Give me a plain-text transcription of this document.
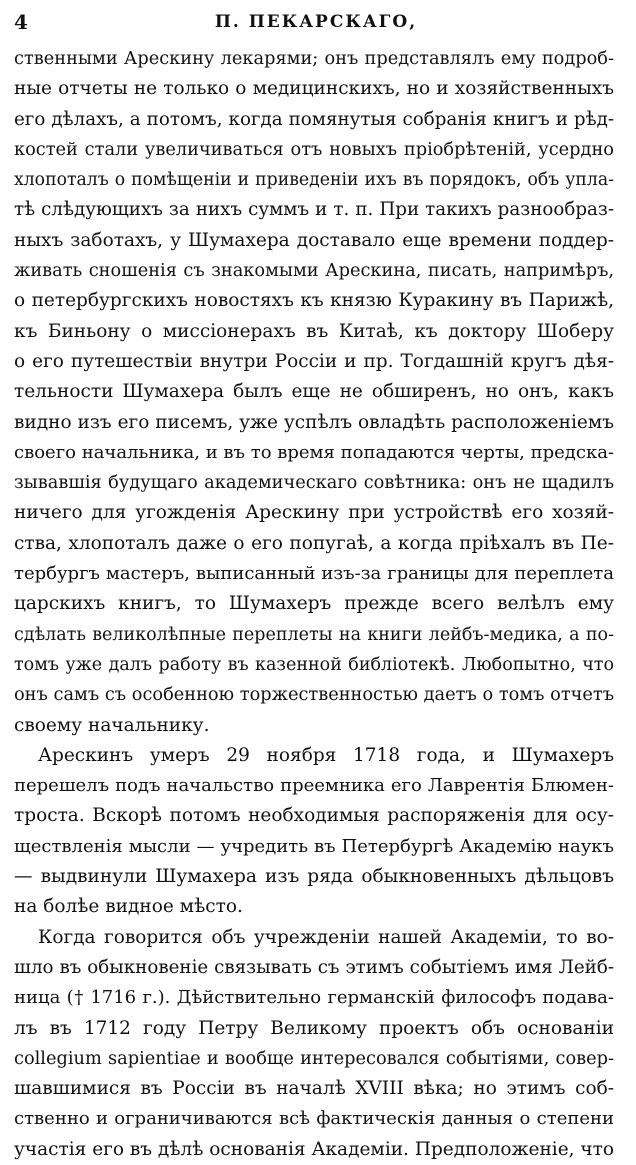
4	П. ПЕКАРСКАГО,
ственными Арескину лекарями; онъ представлялъ ему подроб-
ные отчеты не только о медицинскихъ, но и хозяйственныхъ
его дѣлахъ, а потомъ, когда помянутыя собранія книгъ и рѣд-
костей стали увеличиваться отъ новыхъ пріобрѣтеній, усердно
хлопоталъ о помѣщеніи и приведеніи ихъ въ порядокъ, объ упла-
тѣ слѣдующихъ за нихъ суммъ и т. п. При такихъ разнообраз-
ныхъ заботахъ, у Шумахера доставало еще времени поддер-
живать сношенія съ знакомыми Арескина, писать, напримѣръ,
о петербургскихъ новостяхъ къ князю Куракину въ Парижѣ,
къ Биньону о миссіонерахъ въ Китаѣ, къ доктору Шоберу
о его путешествіи внутри Россіи и пр. Тогдашній кругъ дѣя-
тельности Шумахера былъ еще не обширенъ, но онъ, какъ
видно изъ его писемъ, уже успѣлъ овладѣть расположеніемъ
своего начальника, и въ то время попадаются черты, предска-
зывавшія будущаго академическаго совѣтника: онъ не щадилъ
ничего для угожденія Арескину при устройствѣ его хозяй-
ства, хлопоталъ даже о его попугаѣ, а когда пріѣхалъ въ Пе-
тербургъ мастеръ, выписанный изъ-за границы для переплета
царскихъ книгъ, то Шумахеръ прежде всего велѣлъ ему
сдѣлать великолѣпные переплеты на книги лейбъ-медика, а по-
томъ уже далъ работу въ казенной библіотекѣ. Любопытно, что
онъ самъ съ особенною торжественностью даетъ о томъ отчетъ
своему начальнику.
Арескинъ умеръ 29 ноября 1718 года, и Шумахеръ
перешелъ подъ начальство преемника его Лаврентія Блюмен-
троста. Вскорѣ потомъ необходимыя распоряженія для осу-
ществленія мысли — учредить въ Петербургѣ Академію наукъ
— выдвинули Шумахера изъ ряда обыкновенныхъ дѣльцовъ
на болѣе видное мѣсто.
Когда говорится объ учрежденіи нашей Академіи, то во-
шло въ обыкновеніе связывать съ этимъ событіемъ имя Лейб-
ница († 1716 г.). Дѣйствительно германскій философъ подава-
лъ въ 1712 году Петру Великому проектъ объ основаніи
collegium sapientiae и вообще интересовался событіями, совер-
шавшимися въ Россіи въ началѣ XVIII вѣка; но этимъ соб-
ственно и ограничиваются всѣ фактическія данныя о степени
участія его въ дѣлѣ основанія Академіи. Предположеніе, что
